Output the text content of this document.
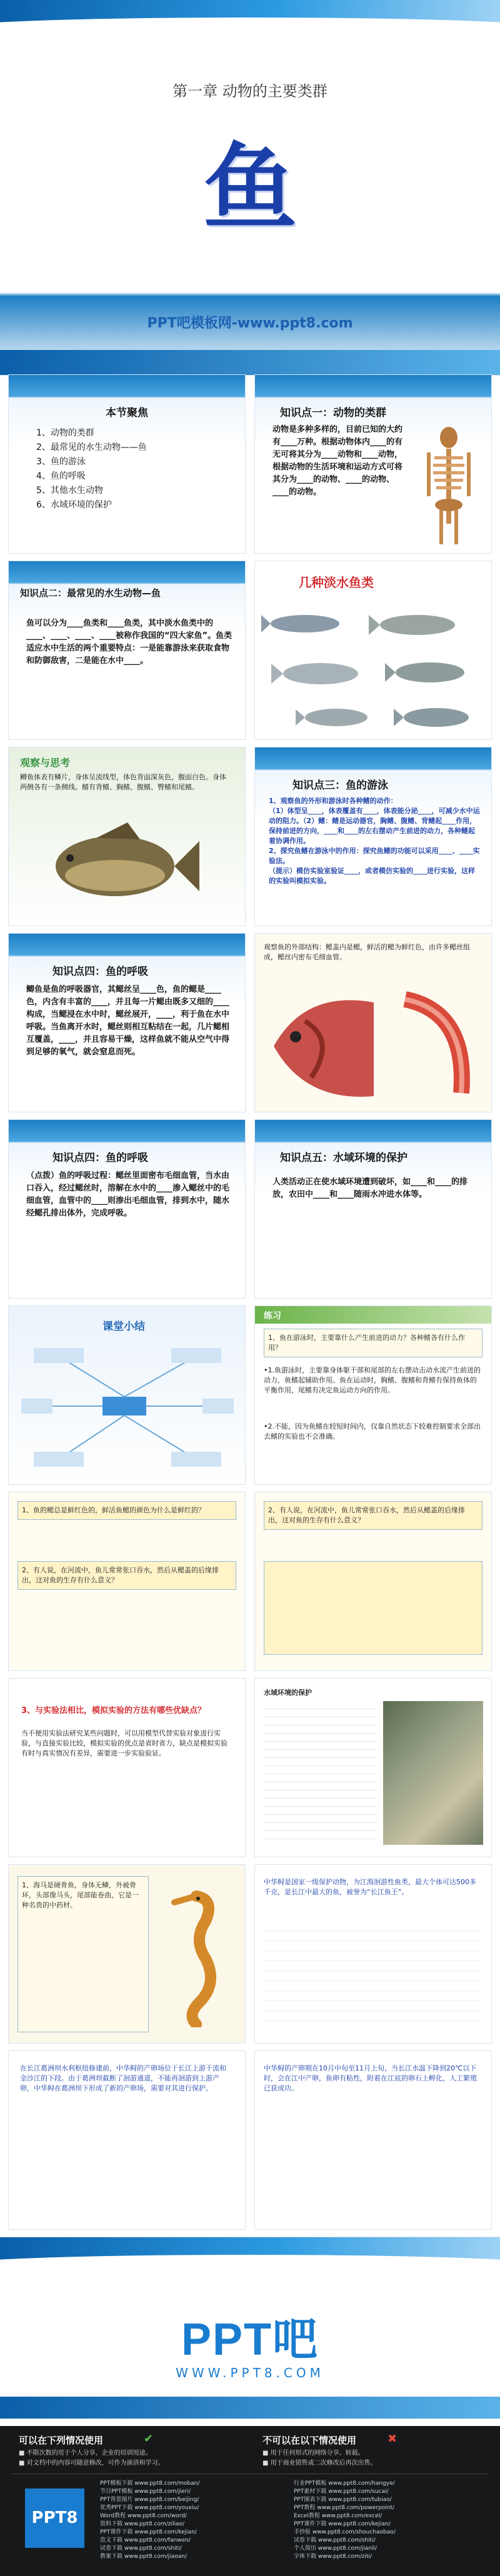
第一章 动物的主要类群
鱼
PPT吧模板网-www.ppt8.com
本节聚焦
1、动物的类群
2、最常见的水生动物——鱼
3、鱼的游泳
4、鱼的呼吸
5、其他水生动物
6、水域环境的保护
知识点一：动物的类群
动物是多种多样的，目前已知的大约有____万种。根据动物体内____的有无可将其分为____动物和____动物，根据动物的生活环境和运动方式可将其分为____的动物、____的动物、____的动物。
知识点二：最常见的水生动物—鱼
鱼可以分为____鱼类和____鱼类，其中淡水鱼类中的____、____、____、____被称作我国的“四大家鱼”。鱼类适应水中生活的两个重要特点：一是能靠游泳来获取食物和防御敌害，二是能在水中____。
几种淡水鱼类
观察与思考
鲫鱼体表有鳞片，身体呈流线型，体色背面深灰色，腹面白色。身体两侧各有一条侧线。鳍有背鳍、胸鳍、腹鳍、臀鳍和尾鳍。	知识点三：鱼的游泳
1、观察鱼的外形和游泳时各种鳍的动作：
（1）体型呈____，体表覆盖有____，体表能分泌____，可减少水中运动的阻力。（2）鳍：鳍是运动器官，胸鳍、腹鳍、背鳍起____作用，保持前进的方向，____和____的左右摆动产生前进的动力，各种鳍起着协调作用。
2、探究鱼鳍在游泳中的作用：探究鱼鳍的功能可以采用____、____实验法。
（提示）模仿实验室验证____，或者模仿实验的____进行实验，这样的实验叫模拟实验。
知识点四：鱼的呼吸
鲫鱼是鱼的呼吸器官，其鳃丝呈____色，鱼的鳃是____色，内含有丰富的____，并且每一片鳃由既多又细的____构成，当鳃浸在水中时，鳃丝展开，____，利于鱼在水中呼吸。当鱼离开水时，鳃丝则相互粘结在一起，几片鳃相互覆盖，____，并且容易干燥，这样鱼就不能从空气中得到足够的氧气，就会窒息而死。
观察鱼的外部结构：鳃盖内是鳃，鲜活的鳃为鲜红色，由许多鳃丝组成，鳃丝内密布毛细血管。
知识点四：鱼的呼吸
（点拨）鱼的呼吸过程：鳃丝里面密布毛细血管，当水由口吞入，经过鳃丝时，溶解在水中的____渗入鳃丝中的毛细血管，血管中的____则渗出毛细血管，排到水中，随水经鳃孔排出体外，完成呼吸。
知识点五：水域环境的保护
人类活动正在使水域环境遭到破坏，如____和____的排放，农田中____和____随雨水冲进水体等。
课堂小结
练习
1、鱼在游泳时，主要靠什么产生前进的动力？各种鳍各有什么作用？
•1.鱼游泳时，主要靠身体躯干部和尾部的左右摆动击动水流产生前进的动力，鱼鳍起辅助作用。鱼在运动时，胸鳍、腹鳍和背鳍有保持鱼体的平衡作用，尾鳍有决定鱼运动方向的作用。
•2.不能，因为鱼鳍在较短时间内，仅靠自然状态下较难控制要求全部出去鳍的实验也不会准确。
1、鱼的鳃总是鲜红色的，鲜活鱼鳃的颜色为什么是鲜红的？
2、有人说，在河流中，鱼儿常常张口吞水，然后从鳃盖的后缘排出，这对鱼的生存有什么意义？
2、有人说，在河流中，鱼儿常常张口吞水，然后从鳃盖的后缘排出，这对鱼的生存有什么意义？
3、与实验法相比，模拟实验的方法有哪些优缺点？
当不便用实验法研究某些问题时，可以用模型代替实验对象进行实验，与直接实验比较，模拟实验的优点是省时省力，缺点是模拟实验有时与真实情况有差异，需要进一步实验验证。
水域环境的保护
1、海马是硬骨鱼，身体无鳞，外被骨环，头部像马头，尾部能卷曲，它是一种名贵的中药材。
中华鲟是国家一级保护动物，为江海洄游性鱼类，最大个体可达500多千克，是长江中最大的鱼，被誉为“长江鱼王”。
在长江葛洲坝水利枢纽修建前，中华鲟的产卵场位于长江上游干流和金沙江的下段。由于葛洲坝截断了洄游通道，不能再洄游到上游产卵，中华鲟在葛洲坝下形成了新的产卵场，需要对其进行保护。
中华鲟的产卵期在10月中旬至11月上旬，当长江水温下降到20℃以下时，会在江中产卵，鱼卵有粘性，附着在江底的卵石上孵化，人工繁殖已获成功。
PPT吧
WWW.PPT8.COM
可以在下列情况使用	✔
■ 不限次数的用于个人分享，企业的培训用途。
■ 对文档中的内容可随意修改，可作为演讲和学习。
不可以在以下情况使用	✖
■ 用于任何形式的网络分享、转载。
■ 用于商业销售或二次修改后再次出售。
PPT8
PPT模板下载 www.ppt8.com/moban/
节日PPT模板 www.ppt8.com/jieri/
PPT背景图片 www.ppt8.com/beijing/
优秀PPT下载 www.ppt8.com/youxiu/
Word教程 www.ppt8.com/word/
资料下载 www.ppt8.com/ziliao/
PPT课件下载 www.ppt8.com/kejian/
范文下载 www.ppt8.com/fanwen/
试卷下载 www.ppt8.com/shiti/
教案下载 www.ppt8.com/jiaoan/
行业PPT模板 www.ppt8.com/hangye/
PPT素材下载 www.ppt8.com/sucai/
PPT图表下载 www.ppt8.com/tubiao/
PPT教程 www.ppt8.com/powerpoint/
Excel教程 www.ppt8.com/excel/
PPT课件下载 www.ppt8.com/kejian/
手抄报 www.ppt8.com/shouchaobao/
试卷下载 www.ppt8.com/shiti/
个人简历 www.ppt8.com/jianli/
字体下载 www.ppt8.com/ziti/
